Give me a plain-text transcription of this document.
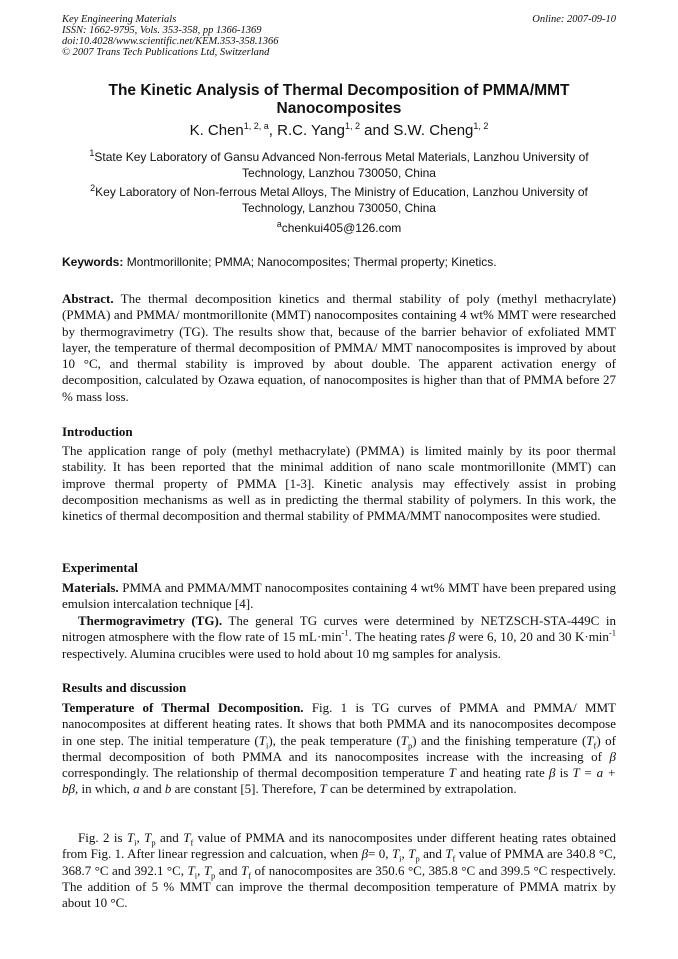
Key Engineering Materials
ISSN: 1662-9795, Vols. 353-358, pp 1366-1369
doi:10.4028/www.scientific.net/KEM.353-358.1366
© 2007 Trans Tech Publications Ltd, Switzerland
Online: 2007-09-10
The Kinetic Analysis of Thermal Decomposition of PMMA/MMT Nanocomposites
K. Chen$^{1, 2, a}$, R.C. Yang$^{1, 2}$ and S.W. Cheng$^{1, 2}$
$^1$State Key Laboratory of Gansu Advanced Non-ferrous Metal Materials, Lanzhou University of Technology, Lanzhou 730050, China
$^2$Key Laboratory of Non-ferrous Metal Alloys, The Ministry of Education, Lanzhou University of Technology, Lanzhou 730050, China
$^a$chenkui405@126.com
Keywords: Montmorillonite; PMMA; Nanocomposites; Thermal property; Kinetics.
Abstract. The thermal decomposition kinetics and thermal stability of poly (methyl methacrylate) (PMMA) and PMMA/ montmorillonite (MMT) nanocomposites containing 4 wt% MMT were researched by thermogravimetry (TG). The results show that, because of the barrier behavior of exfoliated MMT layer, the temperature of thermal decomposition of PMMA/ MMT nanocomposites is improved by about 10 °C, and thermal stability is improved by about double. The apparent activation energy of decomposition, calculated by Ozawa equation, of nanocomposites is higher than that of PMMA before 27 % mass loss.
Introduction
The application range of poly (methyl methacrylate) (PMMA) is limited mainly by its poor thermal stability. It has been reported that the minimal addition of nano scale montmorillonite (MMT) can improve thermal property of PMMA [1-3]. Kinetic analysis may effectively assist in probing decomposition mechanisms as well as in predicting the thermal stability of polymers. In this work, the kinetics of thermal decomposition and thermal stability of PMMA/MMT nanocomposites were studied.
Experimental
Materials. PMMA and PMMA/MMT nanocomposites containing 4 wt% MMT have been prepared using emulsion intercalation technique [4].
Thermogravimetry (TG). The general TG curves were determined by NETZSCH-STA-449C in nitrogen atmosphere with the flow rate of 15 $mL\cdot\min^{-1}$. The heating rates β were 6, 10, 20 and 30 $K\cdot\min^{-1}$ respectively. Alumina crucibles were used to hold about 10 mg samples for analysis.
Results and discussion
Temperature of Thermal Decomposition. Fig. 1 is TG curves of PMMA and PMMA/ MMT nanocomposites at different heating rates. It shows that both PMMA and its nanocomposites decompose in one step. The initial temperature $(T_i)$, the peak temperature $(T_p)$ and the finishing temperature $(T_f)$ of thermal decomposition of both PMMA and its nanocomposites increase with the increasing of β correspondingly. The relationship of thermal decomposition temperature T and heating rate β is T = a + bβ, in which, a and b are constant [5]. Therefore, T can be determined by extrapolation.
Fig. 2 is $T_i$, $T_p$ and $T_f$ value of PMMA and its nanocomposites under different heating rates obtained from Fig. 1. After linear regression and calcuation, when β= 0, $T_i$, $T_p$ and $T_f$ value of PMMA are 340.8 °C, 368.7 °C and 392.1 °C, $T_i$, $T_p$ and $T_f$ of nanocomposites are 350.6 °C, 385.8 °C and 399.5 °C respectively. The addition of 5 % MMT can improve the thermal decomposition temperature of PMMA matrix by about 10 °C.
